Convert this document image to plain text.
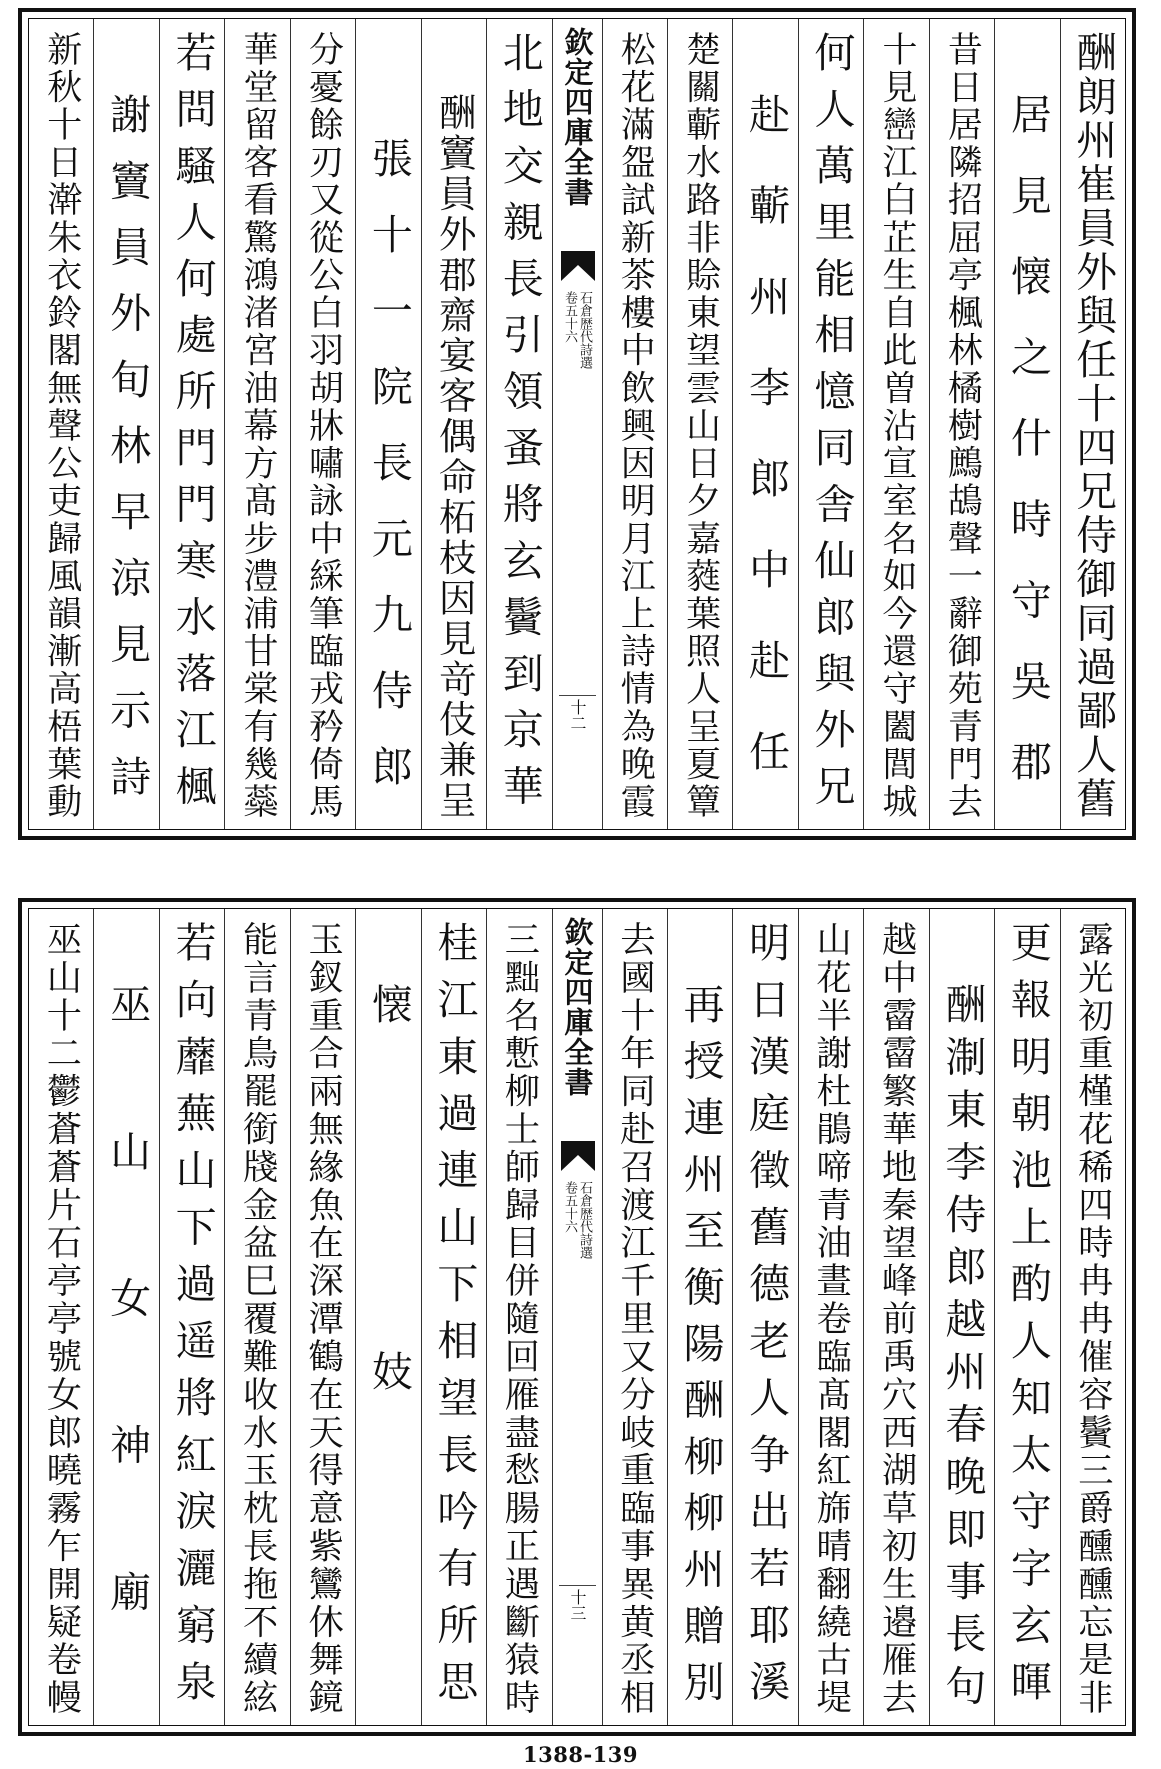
酬朗州崔員外與任十四兄侍御同過鄙人舊
居見懐之什時守吳郡
昔日居隣招屈亭楓林橘樹鷓鴣聲一辭御苑青門去
十見巒江白芷生自此曽沾宣室名如今還守闔閭城
何人萬里能相憶同舎仙郎與外兄
赴蘄州李郎中赴任
楚關蘄水路非賒東望雲山日夕嘉蕤葉照人呈夏簟
松花滿盌試新茶樓中飲興因明月江上詩情為晚霞
欽定四庫全書
石倉歴代詩選
卷五十六
十二
北地交親長引領蚤將玄鬢到京華
酬竇員外郡齋宴客偶命柘枝因見竒伎兼呈
張十一院長元九侍郎
分憂餘刃又從公白羽胡牀嘯詠中綵筆臨戎矜倚馬
華堂留客看驚鴻渚宮油幕方髙步澧浦甘棠有幾蘂
若問騷人何處所門門寒水落江楓
謝竇員外旬林早涼見示詩
新秋十日澣朱衣鈴閣無聲公吏歸風韻漸高梧葉動
露光初重槿花稀四時冉冉催容鬢三爵醺醺忘是非
更報明朝池上酌人知太守字玄暉
酬淛東李侍郎越州春晚即事長句
越中霤霤繁華地秦望峰前禹穴西湖草初生邉雁去
山花半謝杜鵑啼青油晝卷臨髙閣紅旆晴翻繞古堤
明日漢庭徵舊德老人争出若耶溪
再授連州至衡陽酬柳柳州贈別
去國十年同赴召渡江千里又分岐重臨事異黄丞相
欽定四庫全書
石倉歴代詩選
卷五十六
十三
三黜名慙柳士師歸目併隨回雁盡愁腸正遇斷猿時
桂江東過連山下相望長吟有所思
懐妓
玉釵重合兩無緣魚在深潭鶴在天得意紫鸞休舞鏡
能言青鳥罷銜牋金盆巳覆難收水玉枕長拖不續絃
若向蘼蕪山下過遥將紅淚灑窮泉
巫山女神廟
巫山十二鬱蒼蒼片石亭亭號女郎曉霧乍開疑卷幔
1388-139
